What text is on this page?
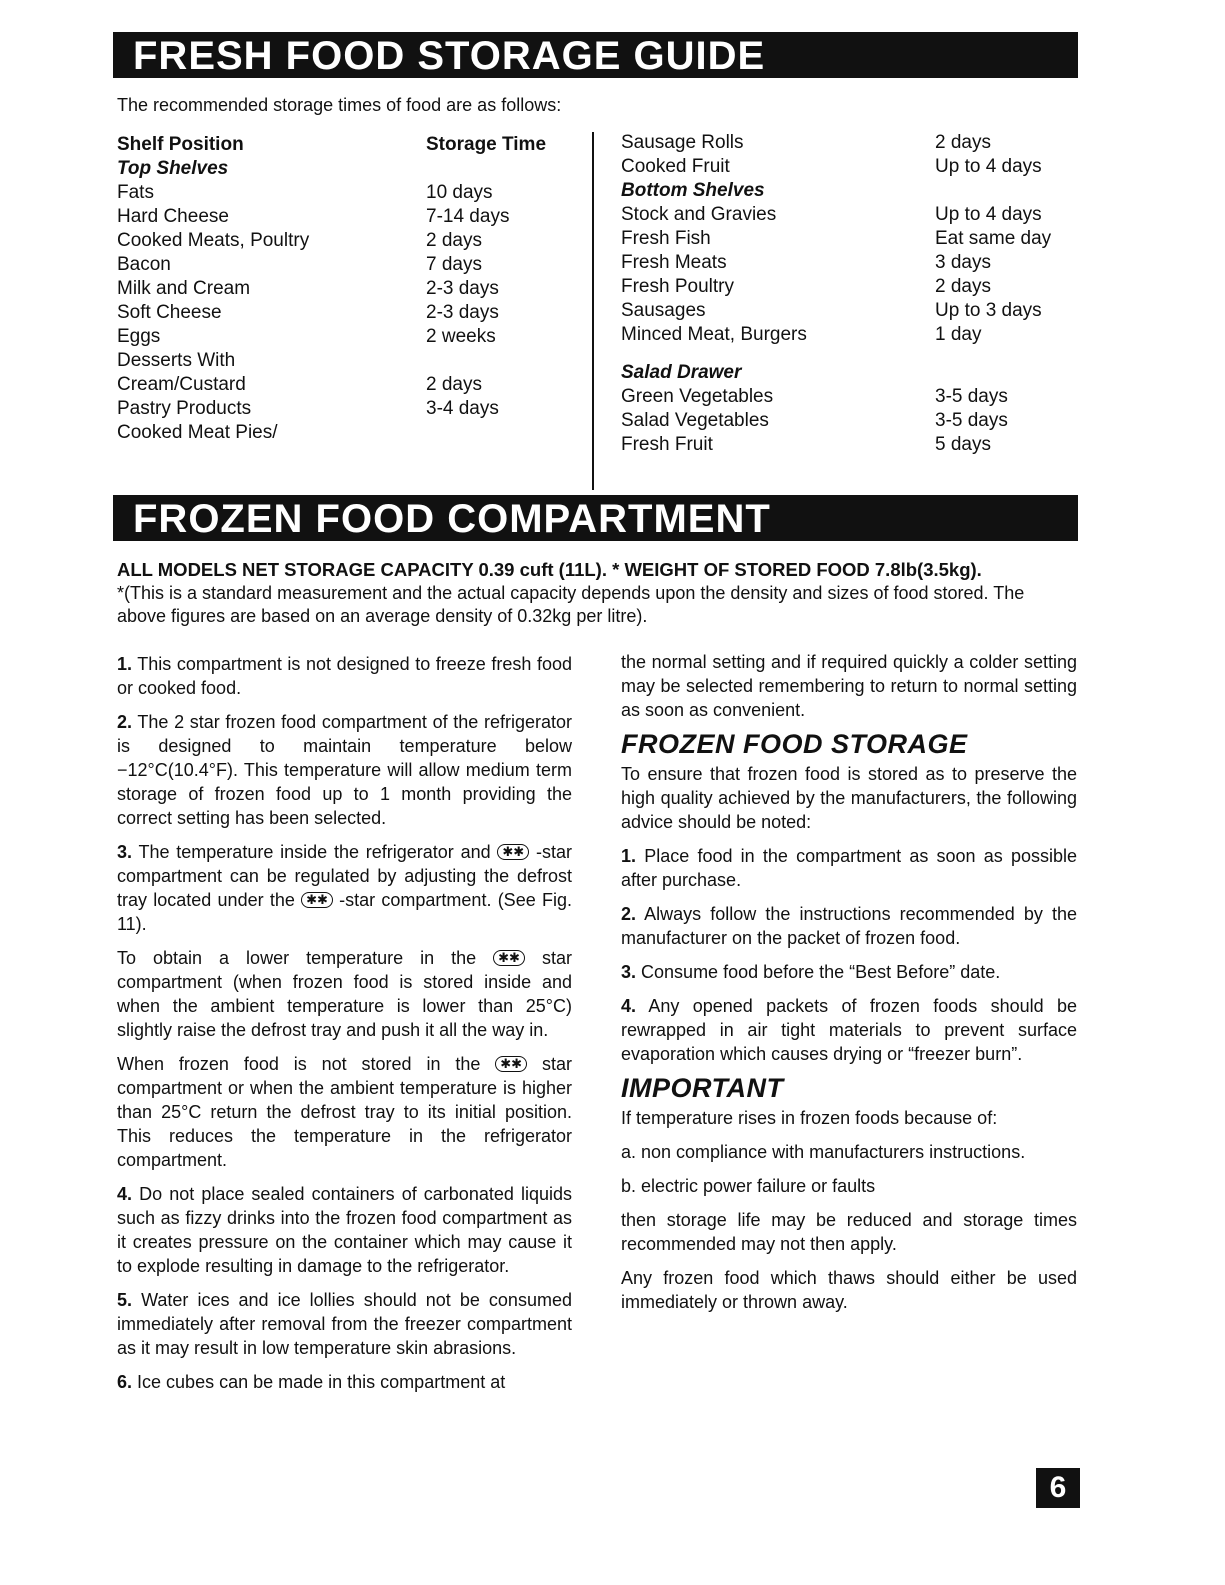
FRESH FOOD STORAGE GUIDE
The recommended storage times of food are as follows:
Shelf Position
Top Shelves
Fats
Hard Cheese
Cooked Meats, Poultry
Bacon
Milk and Cream
Soft Cheese
Eggs
Desserts With
Cream/Custard
Pastry Products
Cooked Meat Pies/
Storage Time

10 days
7-14 days
2 days
7 days
2-3 days
2-3 days
2 weeks

2 days
3-4 days

Sausage Rolls
Cooked Fruit
Bottom Shelves
Stock and Gravies
Fresh Fish
Fresh Meats
Fresh Poultry
Sausages
Minced Meat, Burgers
2 days
Up to 4 days

Up to 4 days
Eat same day
3 days
2 days
Up to 3 days
1 day
Salad Drawer
Green Vegetables
Salad Vegetables
Fresh Fruit
3-5 days
3-5 days
5 days
FROZEN FOOD COMPARTMENT
ALL MODELS NET STORAGE CAPACITY 0.39 cuft (11L). * WEIGHT OF STORED FOOD 7.8lb(3.5kg).
*(This is a standard measurement and the actual capacity depends upon the density and sizes of food stored. The above figures are based on an average density of 0.32kg per litre).

1. This compartment is not designed to freeze fresh food or cooked food.

2. The 2 star frozen food compartment of the refrigerator is designed to maintain temperature below −12°C(10.4°F). This temperature will allow medium term storage of frozen food up to 1 month providing the correct setting has been selected.

3. The temperature inside the refrigerator and ✱✱ -star compartment can be regulated by adjusting the defrost tray located under the ✱✱ -star compartment. (See Fig. 11).

To obtain a lower temperature in the ✱✱ star compartment (when frozen food is stored inside and when the ambient temperature is lower than 25°C) slightly raise the defrost tray and push it all the way in.

When frozen food is not stored in the ✱✱ star compartment or when the ambient temperature is higher than 25°C return the defrost tray to its initial position. This reduces the temperature in the refrigerator compartment.

4. Do not place sealed containers of carbonated liquids such as fizzy drinks into the frozen food compartment as it creates pressure on the container which may cause it to explode resulting in damage to the refrigerator.

5. Water ices and ice lollies should not be consumed immediately after removal from the freezer compartment as it may result in low temperature skin abrasions.

6. Ice cubes can be made in this compartment at

the normal setting and if required quickly a colder setting may be selected remembering to return to normal setting as soon as convenient.

FROZEN FOOD STORAGE

To ensure that frozen food is stored as to preserve the high quality achieved by the manufacturers, the following advice should be noted:

1. Place food in the compartment as soon as possible after purchase.

2. Always follow the instructions recommended by the manufacturer on the packet of frozen food.

3. Consume food before the “Best Before” date.

4. Any opened packets of frozen foods should be rewrapped in air tight materials to prevent surface evaporation which causes drying or “freezer burn”.

IMPORTANT

If temperature rises in frozen foods because of:

a. non compliance with manufacturers instructions.

b. electric power failure or faults

then storage life may be reduced and storage times recommended may not then apply.

Any frozen food which thaws should either be used immediately or thrown away.

6
